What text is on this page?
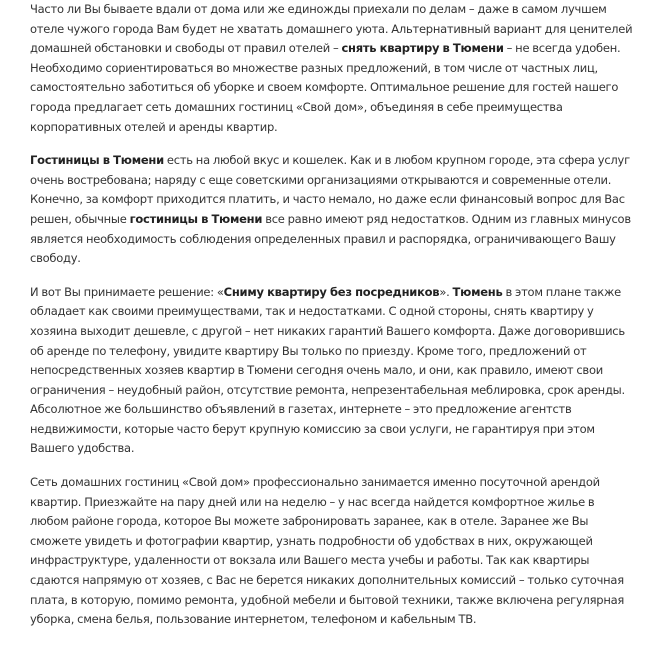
Часто ли Вы бываете вдали от дома или же единожды приехали по делам – даже в самом лучшем отеле чужого города Вам будет не хватать домашнего уюта. Альтернативный вариант для ценителей домашней обстановки и свободы от правил отелей – снять квартиру в Тюмени – не всегда удобен. Необходимо сориентироваться во множестве разных предложений, в том числе от частных лиц, самостоятельно заботиться об уборке и своем комфорте. Оптимальное решение для гостей нашего города предлагает сеть домашних гостиниц «Свой дом», объединяя в себе преимущества корпоративных отелей и аренды квартир.

Гостиницы в Тюмени есть на любой вкус и кошелек. Как и в любом крупном городе, эта сфера услуг очень востребована; наряду с еще советскими организациями открываются и современные отели. Конечно, за комфорт приходится платить, и часто немало, но даже если финансовый вопрос для Вас решен, обычные гостиницы в Тюмени все равно имеют ряд недостатков. Одним из главных минусов является необходимость соблюдения определенных правил и распорядка, ограничивающего Вашу свободу.

И вот Вы принимаете решение: «Сниму квартиру без посредников». Тюмень в этом плане также обладает как своими преимуществами, так и недостатками. С одной стороны, снять квартиру у хозяина выходит дешевле, с другой – нет никаких гарантий Вашего комфорта. Даже договорившись об аренде по телефону, увидите квартиру Вы только по приезду. Кроме того, предложений от непосредственных хозяев квартир в Тюмени сегодня очень мало, и они, как правило, имеют свои ограничения – неудобный район, отсутствие ремонта, непрезентабельная меблировка, срок аренды. Абсолютное же большинство объявлений в газетах, интернете – это предложение агентств недвижимости, которые часто берут крупную комиссию за свои услуги, не гарантируя при этом Вашего удобства.

Сеть домашних гостиниц «Свой дом» профессионально занимается именно посуточной арендой квартир. Приезжайте на пару дней или на неделю – у нас всегда найдется комфортное жилье в любом районе города, которое Вы можете забронировать заранее, как в отеле. Заранее же Вы сможете увидеть и фотографии квартир, узнать подробности об удобствах в них, окружающей инфраструктуре, удаленности от вокзала или Вашего места учебы и работы. Так как квартиры сдаются напрямую от хозяев, с Вас не берется никаких дополнительных комиссий – только суточная плата, в которую, помимо ремонта, удобной мебели и бытовой техники, также включена регулярная уборка, смена белья, пользование интернетом, телефоном и кабельным ТВ.
